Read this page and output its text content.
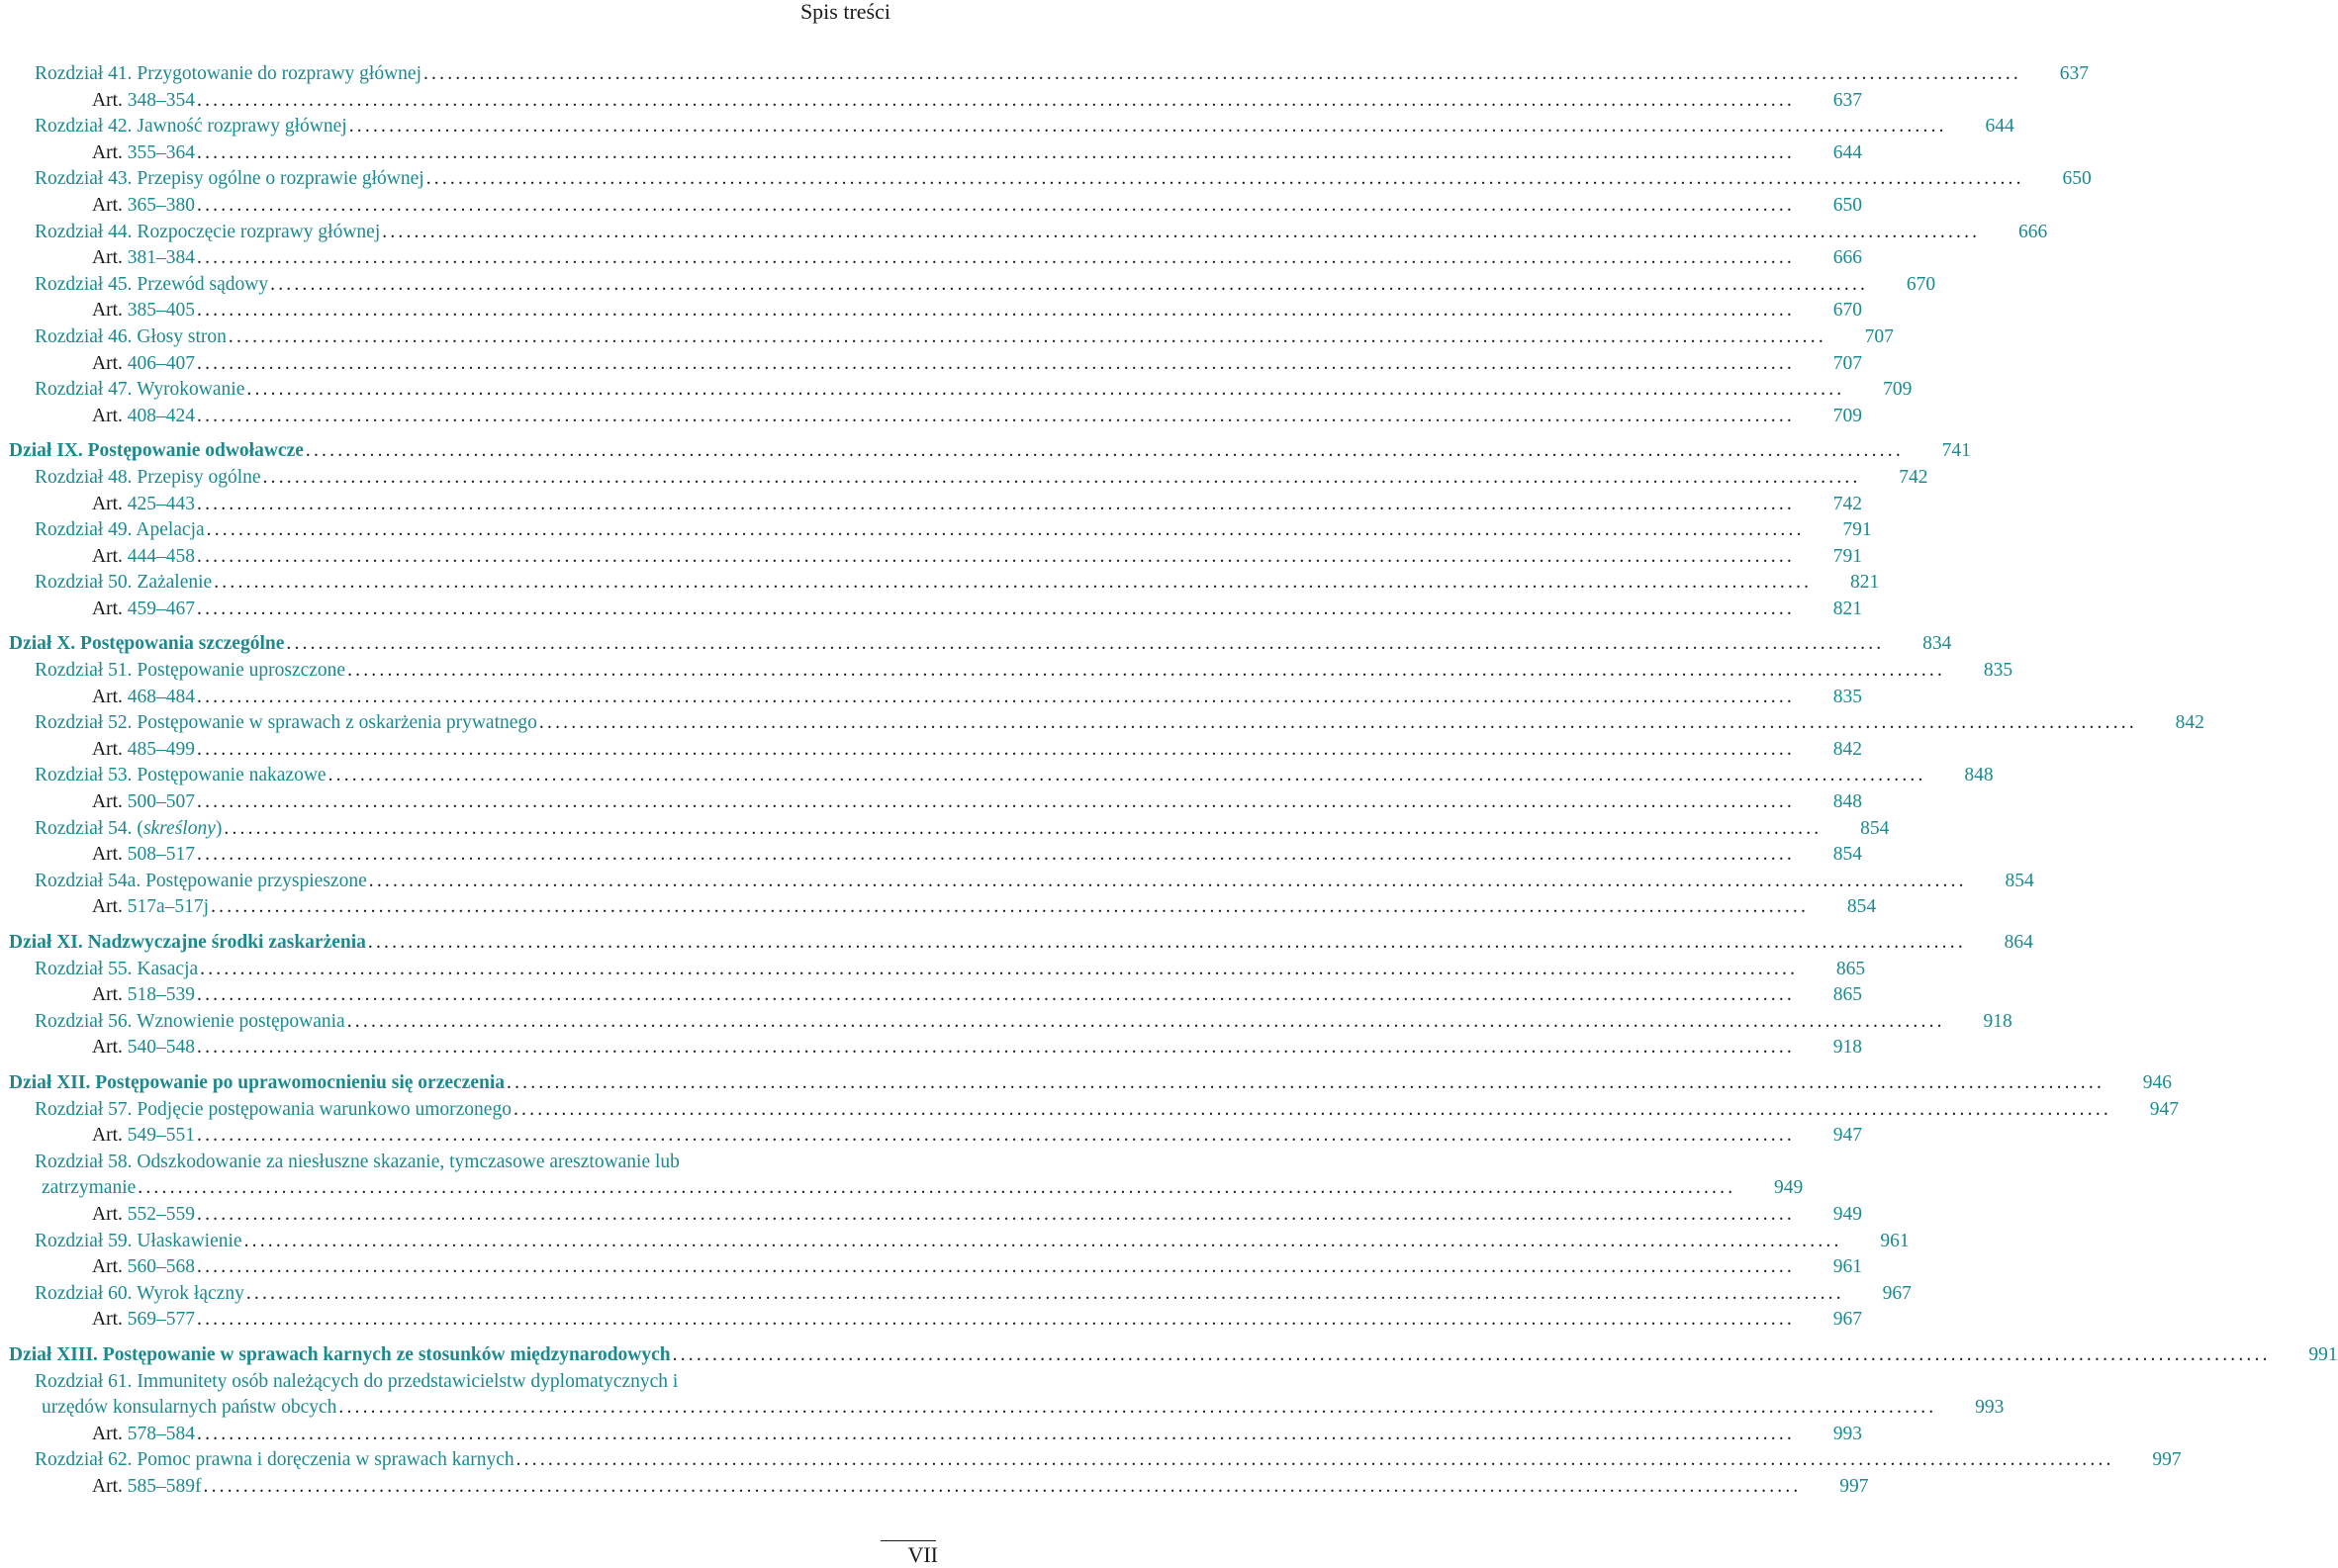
Spis treści
Rozdział 41. Przygotowanie do rozprawy głównej ........................................................................................................................................................................................................	637
Art. 348–354 ........................................................................................................................................................................................................	637
Rozdział 42. Jawność rozprawy głównej ........................................................................................................................................................................................................	644
Art. 355–364 ........................................................................................................................................................................................................	644
Rozdział 43. Przepisy ogólne o rozprawie głównej ........................................................................................................................................................................................................	650
Art. 365–380 ........................................................................................................................................................................................................	650
Rozdział 44. Rozpoczęcie rozprawy głównej ........................................................................................................................................................................................................	666
Art. 381–384 ........................................................................................................................................................................................................	666
Rozdział 45. Przewód sądowy ........................................................................................................................................................................................................	670
Art. 385–405 ........................................................................................................................................................................................................	670
Rozdział 46. Głosy stron ........................................................................................................................................................................................................	707
Art. 406–407 ........................................................................................................................................................................................................	707
Rozdział 47. Wyrokowanie ........................................................................................................................................................................................................	709
Art. 408–424 ........................................................................................................................................................................................................	709
Dział IX. Postępowanie odwoławcze ........................................................................................................................................................................................................	741
Rozdział 48. Przepisy ogólne ........................................................................................................................................................................................................	742
Art. 425–443 ........................................................................................................................................................................................................	742
Rozdział 49. Apelacja ........................................................................................................................................................................................................	791
Art. 444–458 ........................................................................................................................................................................................................	791
Rozdział 50. Zażalenie ........................................................................................................................................................................................................	821
Art. 459–467 ........................................................................................................................................................................................................	821
Dział X. Postępowania szczególne ........................................................................................................................................................................................................	834
Rozdział 51. Postępowanie uproszczone ........................................................................................................................................................................................................	835
Art. 468–484 ........................................................................................................................................................................................................	835
Rozdział 52. Postępowanie w sprawach z oskarżenia prywatnego ........................................................................................................................................................................................................	842
Art. 485–499 ........................................................................................................................................................................................................	842
Rozdział 53. Postępowanie nakazowe ........................................................................................................................................................................................................	848
Art. 500–507 ........................................................................................................................................................................................................	848
Rozdział 54. (skreślony) ........................................................................................................................................................................................................	854
Art. 508–517 ........................................................................................................................................................................................................	854
Rozdział 54a. Postępowanie przyspieszone ........................................................................................................................................................................................................	854
Art. 517a–517j ........................................................................................................................................................................................................	854
Dział XI. Nadzwyczajne środki zaskarżenia ........................................................................................................................................................................................................	864
Rozdział 55. Kasacja ........................................................................................................................................................................................................	865
Art. 518–539 ........................................................................................................................................................................................................	865
Rozdział 56. Wznowienie postępowania ........................................................................................................................................................................................................	918
Art. 540–548 ........................................................................................................................................................................................................	918
Dział XII. Postępowanie po uprawomocnieniu się orzeczenia ........................................................................................................................................................................................................	946
Rozdział 57. Podjęcie postępowania warunkowo umorzonego ........................................................................................................................................................................................................	947
Art. 549–551 ........................................................................................................................................................................................................	947
Rozdział 58. Odszkodowanie za niesłuszne skazanie, tymczasowe aresztowanie lub
zatrzymanie ........................................................................................................................................................................................................	949
Art. 552–559 ........................................................................................................................................................................................................	949
Rozdział 59. Ułaskawienie ........................................................................................................................................................................................................	961
Art. 560–568 ........................................................................................................................................................................................................	961
Rozdział 60. Wyrok łączny ........................................................................................................................................................................................................	967
Art. 569–577 ........................................................................................................................................................................................................	967
Dział XIII. Postępowanie w sprawach karnych ze stosunków międzynarodowych ........................................................................................................................................................................................................	991
Rozdział 61. Immunitety osób należących do przedstawicielstw dyplomatycznych i
urzędów konsularnych państw obcych ........................................................................................................................................................................................................	993
Art. 578–584 ........................................................................................................................................................................................................	993
Rozdział 62. Pomoc prawna i doręczenia w sprawach karnych ........................................................................................................................................................................................................	997
Art. 585–589f ........................................................................................................................................................................................................	997
VII
